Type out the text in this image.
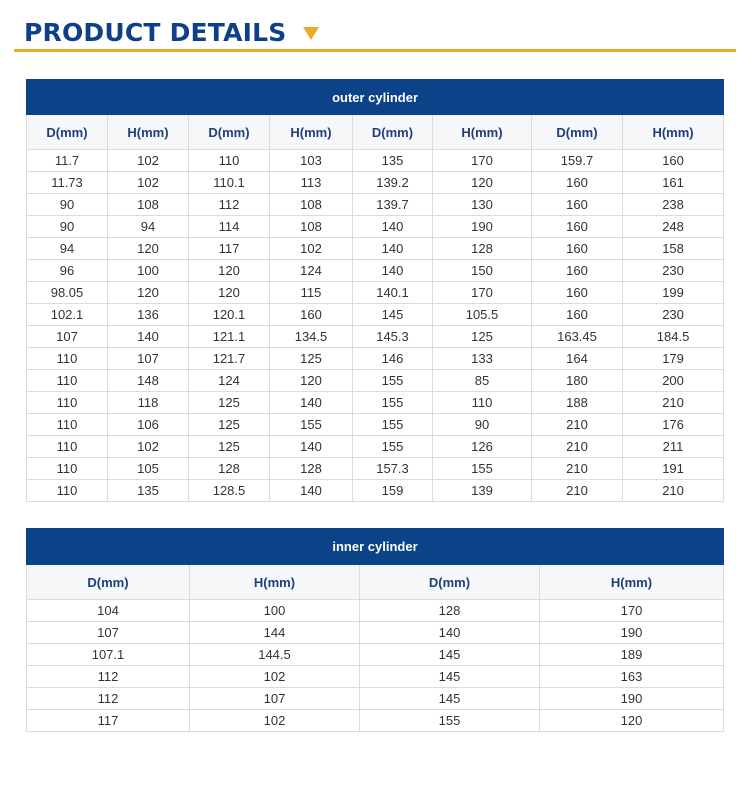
PRODUCT DETAILS
outer cylinder							
D(mm)	H(mm)	D(mm)	H(mm)	D(mm)	H(mm)	D(mm)	H(mm)
11.7	102	110	103	135	170	159.7	160
11.73	102	110.1	113	139.2	120	160	161
90	108	112	108	139.7	130	160	238
90	94	114	108	140	190	160	248
94	120	117	102	140	128	160	158
96	100	120	124	140	150	160	230
98.05	120	120	115	140.1	170	160	199
102.1	136	120.1	160	145	105.5	160	230
107	140	121.1	134.5	145.3	125	163.45	184.5
110	107	121.7	125	146	133	164	179
110	148	124	120	155	85	180	200
110	118	125	140	155	110	188	210
110	106	125	155	155	90	210	176
110	102	125	140	155	126	210	211
110	105	128	128	157.3	155	210	191
110	135	128.5	140	159	139	210	210
inner cylinder			
D(mm)	H(mm)	D(mm)	H(mm)
104	100	128	170
107	144	140	190
107.1	144.5	145	189
112	102	145	163
112	107	145	190
117	102	155	120
